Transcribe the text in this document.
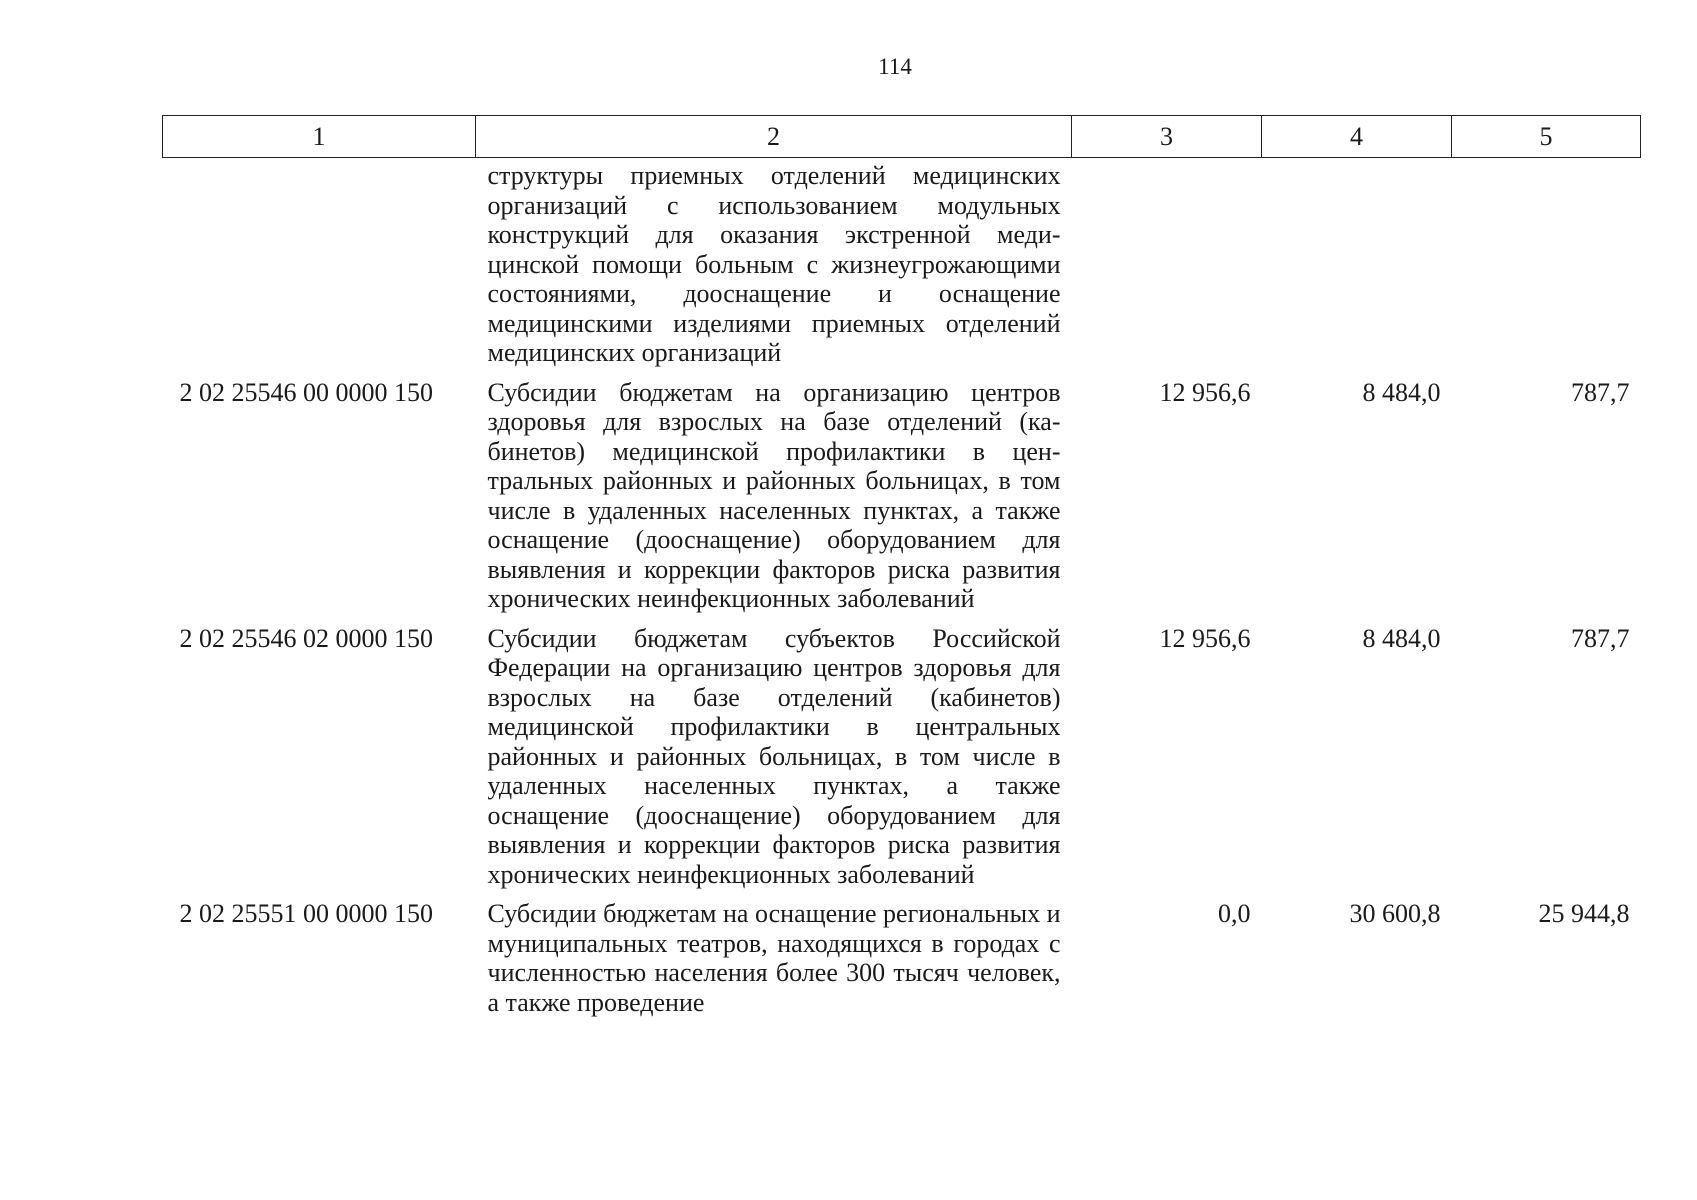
114
1	2	3	4	5
	структуры приемных отделений медицинских организаций с использованием модульных конструкций для оказания экстренной медицинской помощи больным с жизнеугрожающими состояниями, дооснащение и оснащение медицинскими изделиями приемных отделений медицинских организаций			
2 02 25546 00 0000 150	Субсидии бюджетам на организацию центров здоровья для взрослых на базе отделений (кабинетов) медицинской профилактики в центральных районных и районных больницах, в том числе в удаленных населенных пунктах, а также оснащение (дооснащение) оборудованием для выявления и коррекции факторов риска развития хронических неинфекционных заболеваний	12 956,6	8 484,0	787,7
2 02 25546 02 0000 150	Субсидии бюджетам субъектов Российской Федерации на организацию центров здоровья для взрослых на базе отделений (кабинетов) медицинской профилактики в центральных районных и районных больницах, в том числе в удаленных населенных пунктах, а также оснащение (дооснащение) оборудованием для выявления и коррекции факторов риска развития хронических неинфекционных заболеваний	12 956,6	8 484,0	787,7
2 02 25551 00 0000 150	Субсидии бюджетам на оснащение региональных и муниципальных театров, находящихся в городах с численностью населения более 300 тысяч человек, а также проведение	0,0	30 600,8	25 944,8
